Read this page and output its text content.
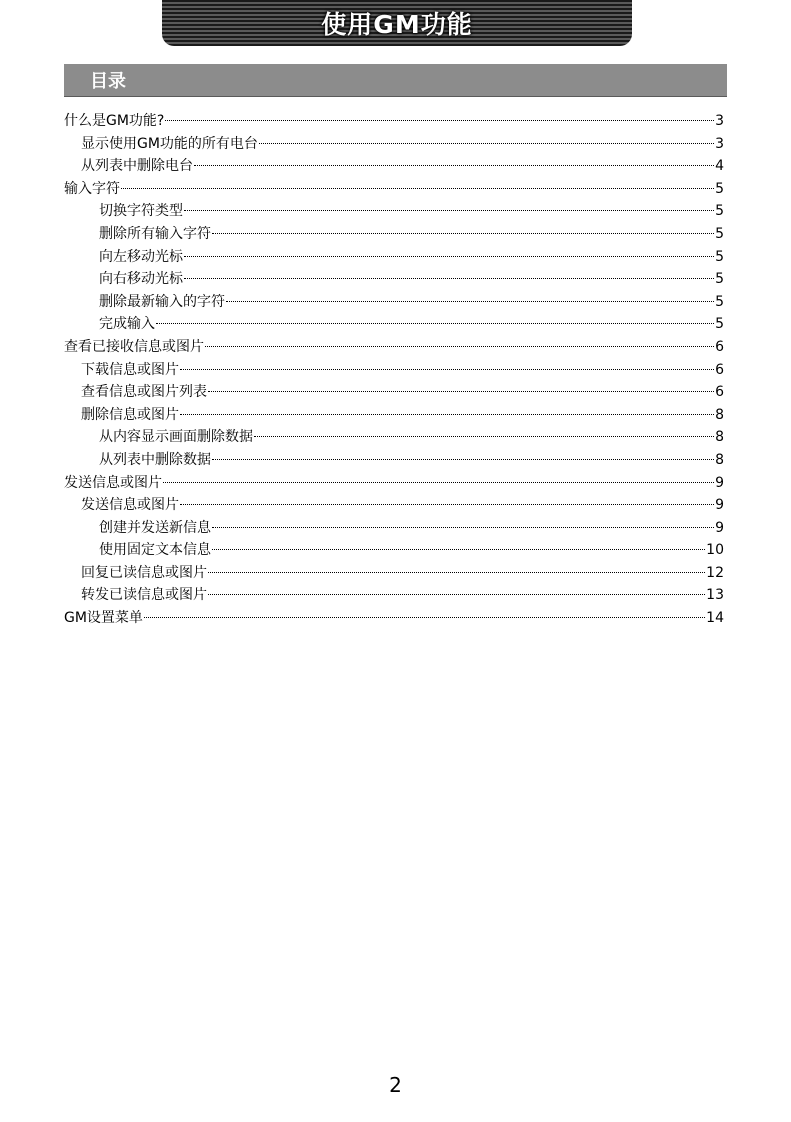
使用GM功能
目录
什么是GM功能?	3
显示使用GM功能的所有电台	3
从列表中删除电台	4
输入字符	5
切换字符类型	5
删除所有输入字符	5
向左移动光标	5
向右移动光标	5
删除最新输入的字符	5
完成输入	5
查看已接收信息或图片	6
下载信息或图片	6
查看信息或图片列表	6
删除信息或图片	8
从内容显示画面删除数据	8
从列表中删除数据	8
发送信息或图片	9
发送信息或图片	9
创建并发送新信息	9
使用固定文本信息	10
回复已读信息或图片	12
转发已读信息或图片	13
GM设置菜单	14
2
